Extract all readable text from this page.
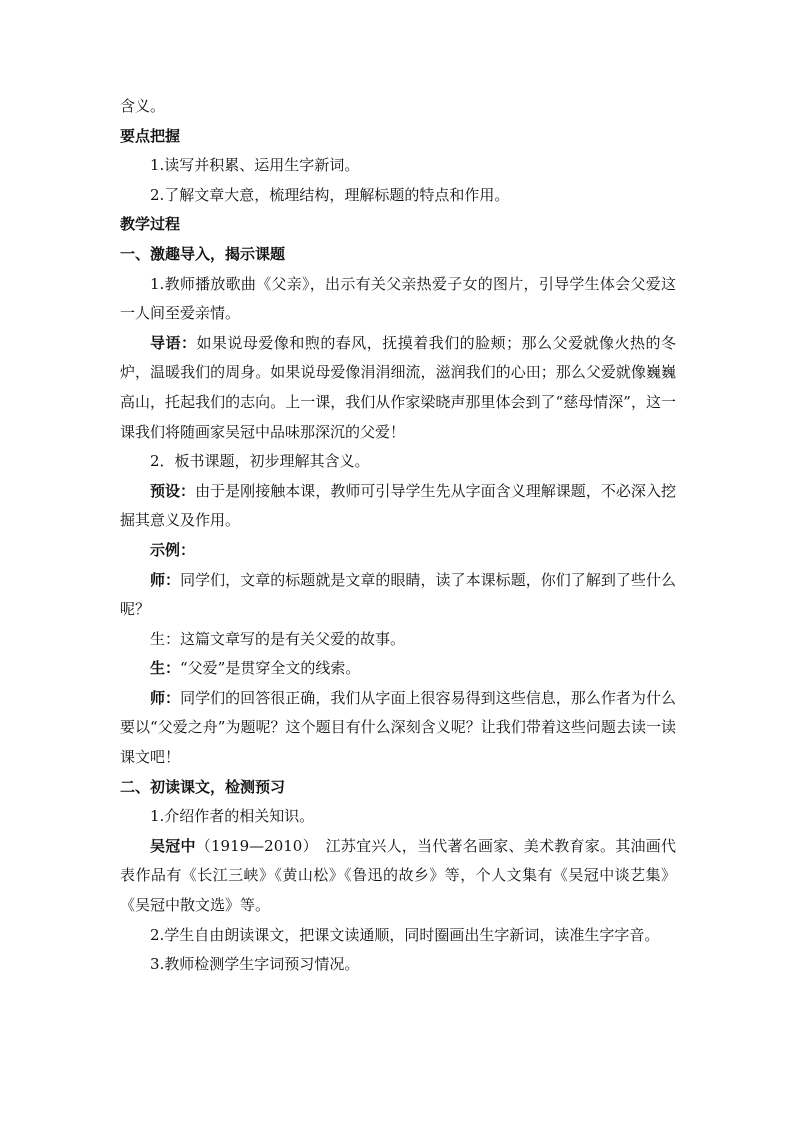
含义。

要点把握

1.读写并积累、运用生字新词。

2.了解文章大意，梳理结构，理解标题的特点和作用。

教学过程

一、激趣导入，揭示课题

1.教师播放歌曲《父亲》，出示有关父亲热爱子女的图片，引导学生体会父爱这一人间至爱亲情。

导语：如果说母爱像和煦的春风，抚摸着我们的脸颊；那么父爱就像火热的冬炉，温暖我们的周身。如果说母爱像涓涓细流，滋润我们的心田；那么父爱就像巍巍高山，托起我们的志向。上一课，我们从作家梁晓声那里体会到了“慈母情深”，这一课我们将随画家吴冠中品味那深沉的父爱！

2．板书课题，初步理解其含义。

预设：由于是刚接触本课，教师可引导学生先从字面含义理解课题，不必深入挖掘其意义及作用。

示例：

师：同学们，文章的标题就是文章的眼睛，读了本课标题，你们了解到了些什么呢？

生：这篇文章写的是有关父爱的故事。

生：“父爱”是贯穿全文的线索。

师：同学们的回答很正确，我们从字面上很容易得到这些信息，那么作者为什么要以“父爱之舟”为题呢？这个题目有什么深刻含义呢？让我们带着这些问题去读一读课文吧！

二、初读课文，检测预习

1.介绍作者的相关知识。

吴冠中（1919—2010）　江苏宜兴人，当代著名画家、美术教育家。其油画代表作品有《长江三峡》《黄山松》《鲁迅的故乡》等，个人文集有《吴冠中谈艺集》《吴冠中散文选》等。

2.学生自由朗读课文，把课文读通顺，同时圈画出生字新词，读准生字字音。

3.教师检测学生字词预习情况。
